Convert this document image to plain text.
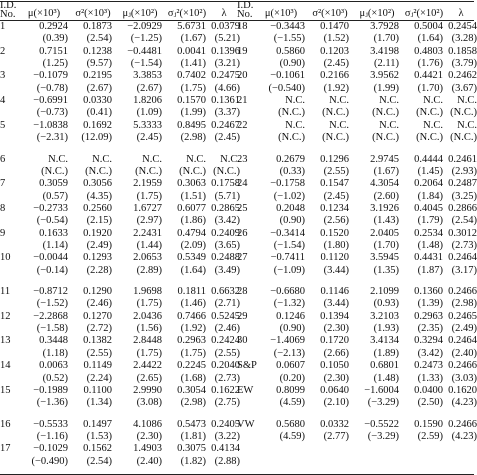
I.D.
No.	μ(×10³)	σ²(×10³)	μⱼ(×10²) σⱼ²(×10²)	λ
1	0.2924	0.1873	−2.0929	5.6731 0.0379
(0.39)	(2.54)	(−1.25)	(1.67) (5.21)
2	0.7151	0.1238	−0.4481	0.0041 0.1396
(1.25)	(9.57)	(−1.54)	(1.41) (3.21)
3	−0.1079	0.2195	3.3853	0.7402 0.2475
(−0.78)	(2.67)	(2.67)	(1.75) (4.66)
4	−0.6991	0.0330	1.8206	0.1570 0.1361
(−0.73)	(0.41)	(1.09)	(1.99) (3.37)
5	−1.0838	0.1692	5.3333	0.8495 0.2467
(−2.31)	(12.09)	(2.45)	(2.98) (2.45)
6	N.C.	N.C.	N.C.	N.C.	N.C.
(N.C.)	(N.C.)	(N.C.)	(N.C.) (N.C.)
7	0.3059	0.3056	2.1959	0.3063 0.1758
(0.57)	(4.35)	(1.75)	(1.51) (5.71)
8	−0.2733	0.2560	1.6727	0.6077 0.2865
(−0.54)	(2.15)	(2.97)	(1.86) (3.42)
9	0.1633	0.1920	2.2431	0.4794 0.2409
(1.14)	(2.49)	(1.44)	(2.09) (3.65)
10	−0.0044	0.1293	2.0653	0.5349 0.2488
(−0.14)	(2.28)	(2.89)	(1.64) (3.49)
11	−0.8712	0.1290	1.9698	0.1811 0.6632
(−1.52)	(2.46)	(1.75)	(1.46) (2.71)
12	−2.2868	0.1270	2.0436	0.7466 0.5245
(−1.58)	(2.72)	(1.56)	(1.92) (2.46)
13	0.3448	0.1382	2.8448	0.2963 0.2424
(1.18)	(2.55)	(1.75)	(1.75) (2.55)
14	0.0063	0.1149	2.4422	0.2245 0.2040
(0.52)	(2.24)	(2.65)	(1.68) (2.73)
15	−0.1989	0.1100	2.9990	0.3054 0.1622
(−1.36)	(1.34)	(3.08)	(2.98) (2.75)
16	−0.5533	0.1497	4.1086	0.5473 0.2405
(−1.16)	(1.53)	(2.30)	(1.81) (3.22)
17	−0.1029	0.1562	1.4903	0.3075 0.4134
(−0.490)	(2.54)	(2.40)	(1.82) (2.88)
I.D.
No.	μ(×10³)	σ²(×10³)	μⱼ(×10²) σⱼ²(×10²)	λ
18	−0.3443	0.1470	3.7928	0.5004 0.2454
(−1.55)	(1.52)	(1.70)	(1.64) (3.28)
19	0.5860	0.1203	3.4198	0.4803 0.1858
(0.90)	(2.45)	(2.11)	(1.76) (3.79)
20	−0.1061	0.2166	3.9562	0.4421 0.2462
(−0.540)	(1.92)	(1.99)	(1.70) (3.67)
21	N.C.	N.C.	N.C.	N.C.	N.C.
(N.C.)	(N.C.)	(N.C.)	(N.C.) (N.C.)
22	N.C.	N.C.	N.C.	N.C.	N.C.
(N.C.)	(N.C.)	(N.C.)	(N.C.) (N.C.)
23	0.2679	0.1296	2.9745	0.4444 0.2461
(0.33)	(2.55)	(1.67)	(1.45) (2.93)
24	−0.1758	0.1547	4.3054	0.2064 0.2487
(−1.02)	(2.45)	(2.60)	(1.84) (3.25)
25	0.2048	0.1234	3.1926	0.4045 0.2866
(0.90)	(2.56)	(1.43)	(1.79) (2.54)
26	−0.3414	0.1520	2.0405	0.2534 0.3012
(−1.54)	(1.80)	(1.70)	(1.48) (2.73)
27	−0.7411	0.1120	3.5945	0.4431 0.2464
(−1.09)	(3.44)	(1.35)	(1.87) (3.17)
28	−0.6680	0.1146	2.1099	0.1360 0.2466
(−1.32)	(3.44)	(0.93)	(1.39) (2.98)
29	0.1246	0.1394	3.2103	0.2963 0.2465
(0.90)	(2.30)	(1.93)	(2.35) (2.49)
30	−1.4069	0.1720	3.4134	0.3294 0.2464
(−2.13)	(2.66)	(1.89)	(3.42) (2.40)
S&P	0.0607	0.1050	0.6801	0.2473 0.2466
(0.20)	(2.30)	(1.48)	(1.33) (3.03)
EW	0.8099	0.0640	−1.6004	0.0400 0.1620
(4.59)	(2.10)	(−3.29)	(2.50) (4.23)
VW	0.5680	0.0332	−0.5522	0.1590 0.2466
(4.59)	(2.77)	(−3.29)	(2.59) (4.23)
